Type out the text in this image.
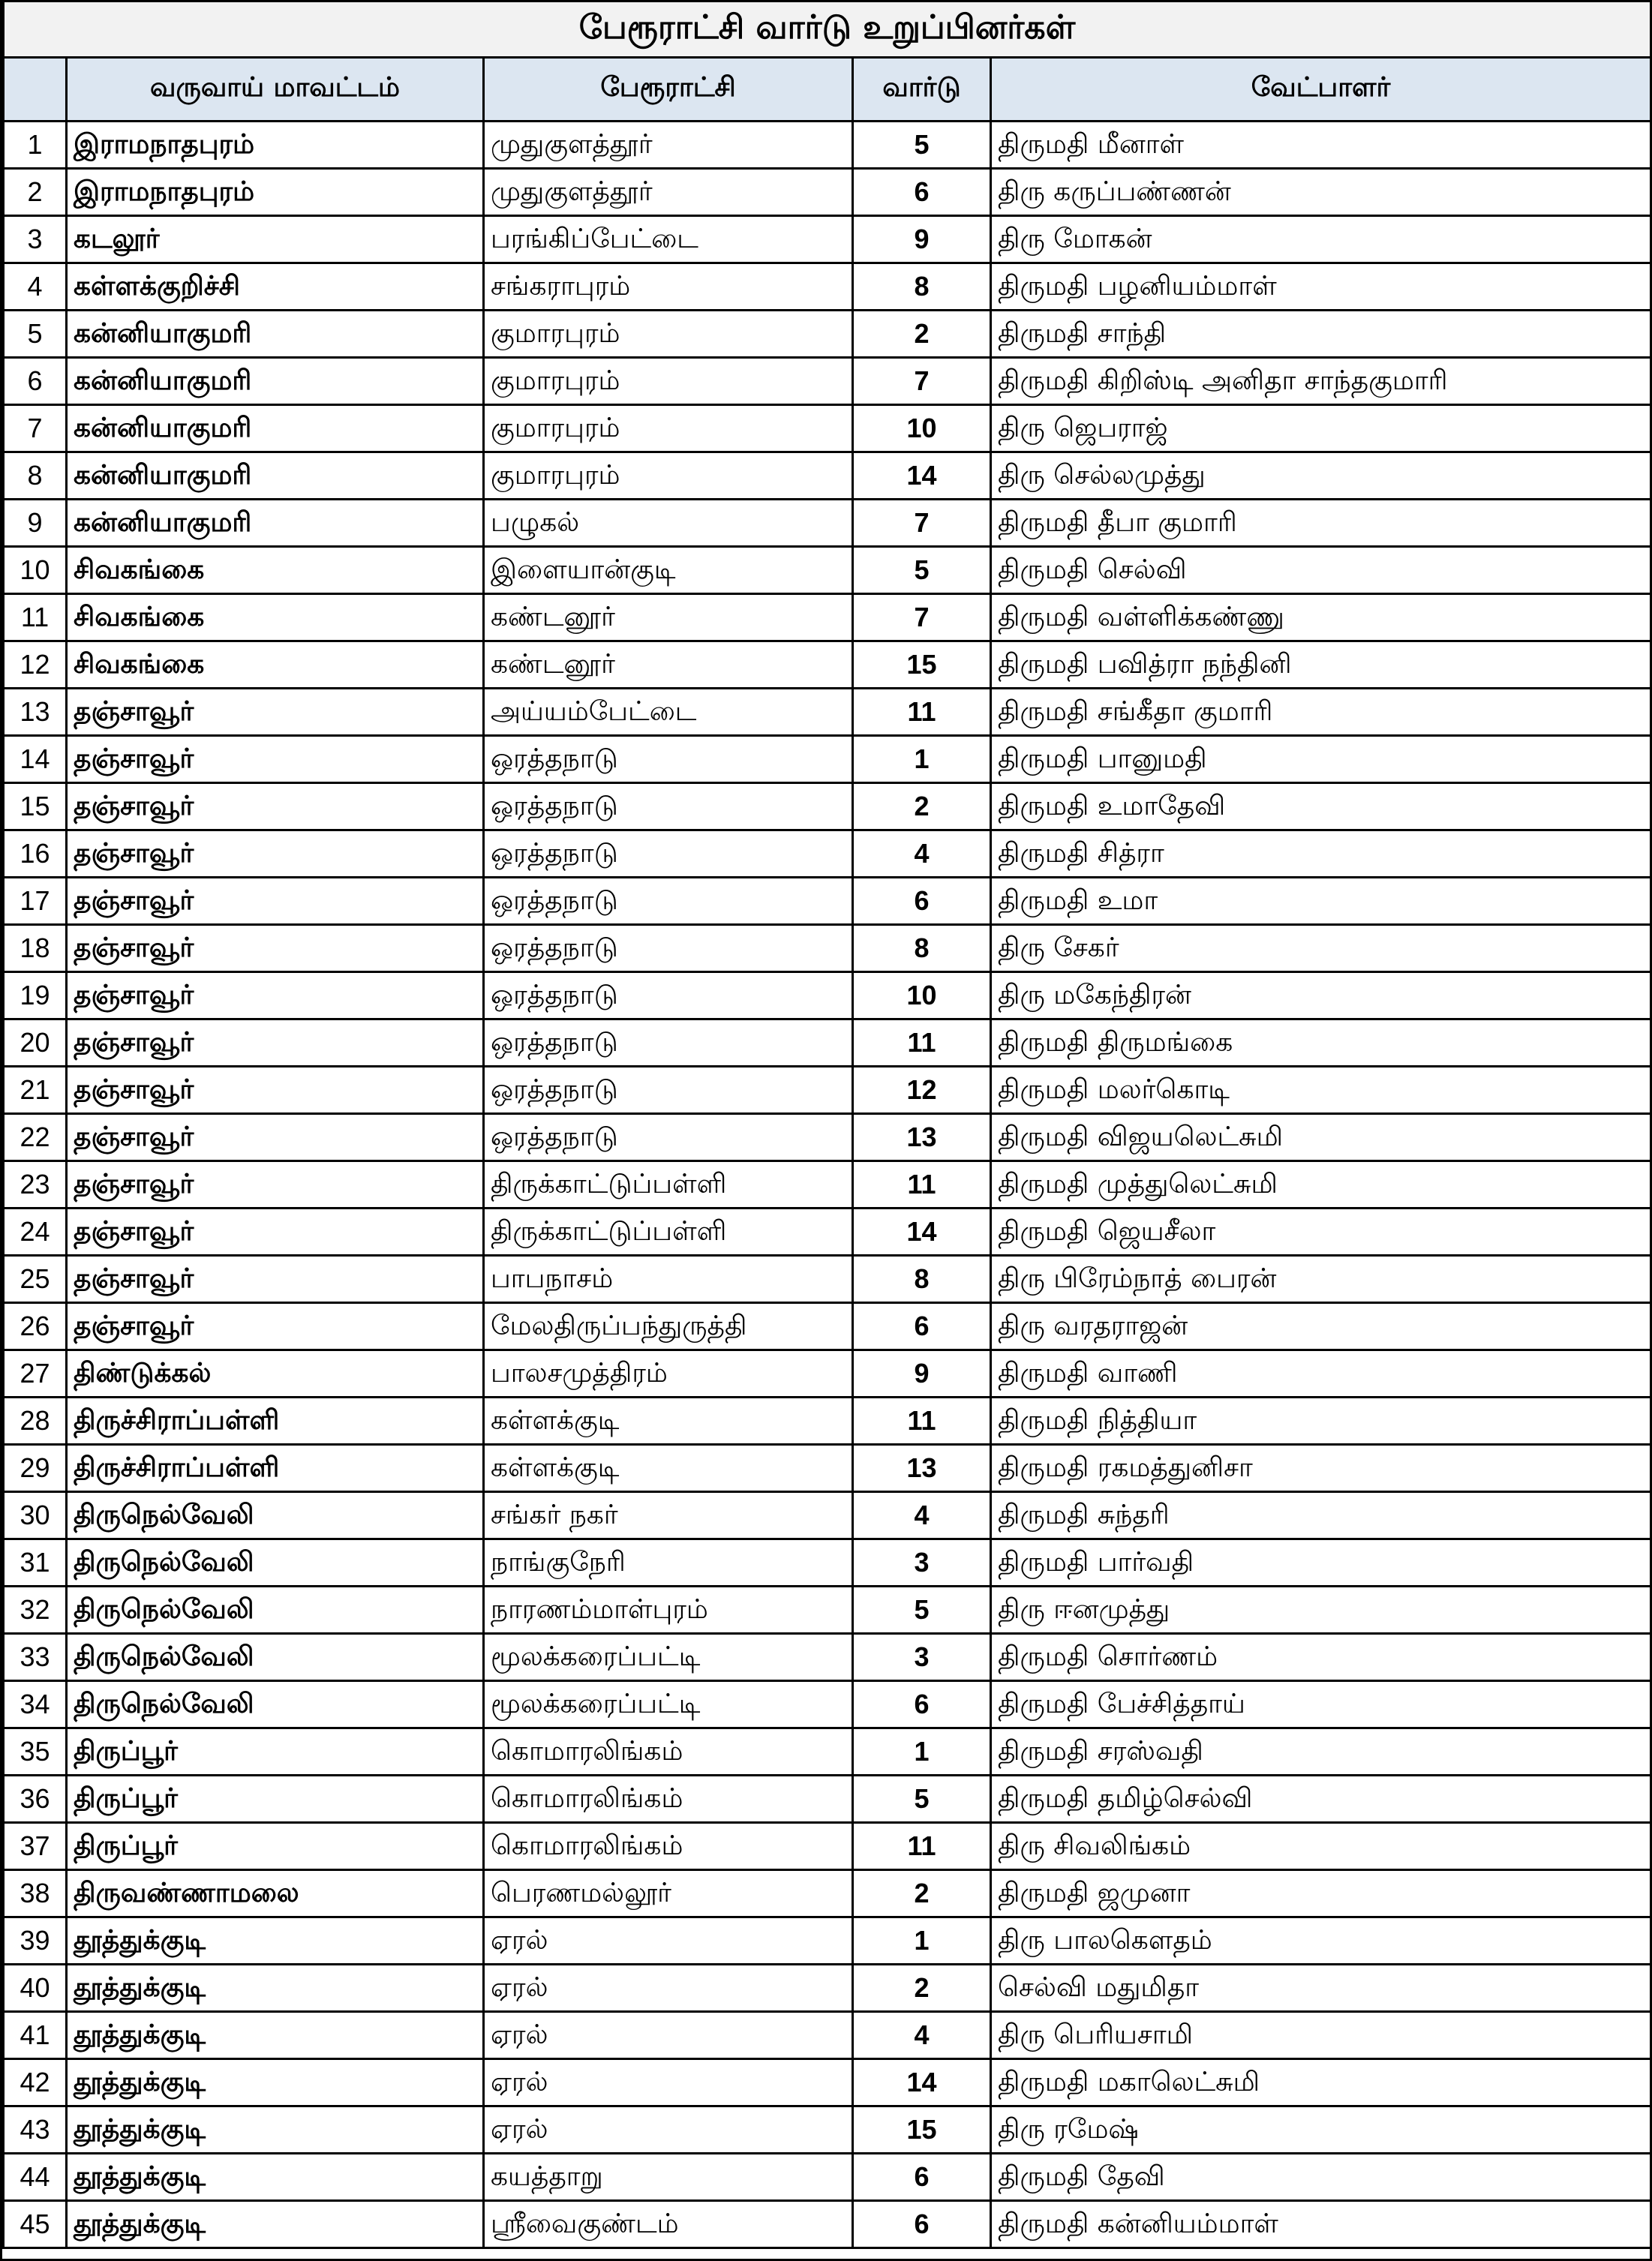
பேரூராட்சி வார்டு உறுப்பினர்கள்				
	வருவாய் மாவட்டம்	பேரூராட்சி	வார்டு	வேட்பாளர்
1	இராமநாதபுரம்	முதுகுளத்தூர்	5	திருமதி மீனாள்
2	இராமநாதபுரம்	முதுகுளத்தூர்	6	திரு கருப்பண்ணன்
3	கடலூர்	பரங்கிப்பேட்டை	9	திரு மோகன்
4	கள்ளக்குறிச்சி	சங்கராபுரம்	8	திருமதி பழனியம்மாள்
5	கன்னியாகுமரி	குமாரபுரம்	2	திருமதி சாந்தி
6	கன்னியாகுமரி	குமாரபுரம்	7	திருமதி கிறிஸ்டி அனிதா சாந்தகுமாரி
7	கன்னியாகுமரி	குமாரபுரம்	10	திரு ஜெபராஜ்
8	கன்னியாகுமரி	குமாரபுரம்	14	திரு செல்லமுத்து
9	கன்னியாகுமரி	பழுகல்	7	திருமதி தீபா குமாரி
10	சிவகங்கை	இளையான்குடி	5	திருமதி செல்வி
11	சிவகங்கை	கண்டனூர்	7	திருமதி வள்ளிக்கண்ணு
12	சிவகங்கை	கண்டனூர்	15	திருமதி பவித்ரா நந்தினி
13	தஞ்சாவூர்	அய்யம்பேட்டை	11	திருமதி சங்கீதா குமாரி
14	தஞ்சாவூர்	ஒரத்தநாடு	1	திருமதி பானுமதி
15	தஞ்சாவூர்	ஒரத்தநாடு	2	திருமதி உமாதேவி
16	தஞ்சாவூர்	ஒரத்தநாடு	4	திருமதி சித்ரா
17	தஞ்சாவூர்	ஒரத்தநாடு	6	திருமதி உமா
18	தஞ்சாவூர்	ஒரத்தநாடு	8	திரு சேகர்
19	தஞ்சாவூர்	ஒரத்தநாடு	10	திரு மகேந்திரன்
20	தஞ்சாவூர்	ஒரத்தநாடு	11	திருமதி திருமங்கை
21	தஞ்சாவூர்	ஒரத்தநாடு	12	திருமதி மலர்கொடி
22	தஞ்சாவூர்	ஒரத்தநாடு	13	திருமதி விஜயலெட்சுமி
23	தஞ்சாவூர்	திருக்காட்டுப்பள்ளி	11	திருமதி முத்துலெட்சுமி
24	தஞ்சாவூர்	திருக்காட்டுப்பள்ளி	14	திருமதி ஜெயசீலா
25	தஞ்சாவூர்	பாபநாசம்	8	திரு பிரேம்நாத் பைரன்
26	தஞ்சாவூர்	மேலதிருப்பந்துருத்தி	6	திரு வரதராஜன்
27	திண்டுக்கல்	பாலசமுத்திரம்	9	திருமதி வாணி
28	திருச்சிராப்பள்ளி	கள்ளக்குடி	11	திருமதி நித்தியா
29	திருச்சிராப்பள்ளி	கள்ளக்குடி	13	திருமதி ரகமத்துனிசா
30	திருநெல்வேலி	சங்கர் நகர்	4	திருமதி சுந்தரி
31	திருநெல்வேலி	நாங்குநேரி	3	திருமதி பார்வதி
32	திருநெல்வேலி	நாரணம்மாள்புரம்	5	திரு ஈனமுத்து
33	திருநெல்வேலி	மூலக்கரைப்பட்டி	3	திருமதி சொர்ணம்
34	திருநெல்வேலி	மூலக்கரைப்பட்டி	6	திருமதி பேச்சித்தாய்
35	திருப்பூர்	கொமாரலிங்கம்	1	திருமதி சரஸ்வதி
36	திருப்பூர்	கொமாரலிங்கம்	5	திருமதி தமிழ்செல்வி
37	திருப்பூர்	கொமாரலிங்கம்	11	திரு சிவலிங்கம்
38	திருவண்ணாமலை	பெரணமல்லூர்	2	திருமதி ஜமுனா
39	தூத்துக்குடி	ஏரல்	1	திரு பாலகௌதம்
40	தூத்துக்குடி	ஏரல்	2	செல்வி மதுமிதா
41	தூத்துக்குடி	ஏரல்	4	திரு பெரியசாமி
42	தூத்துக்குடி	ஏரல்	14	திருமதி மகாலெட்சுமி
43	தூத்துக்குடி	ஏரல்	15	திரு ரமேஷ்
44	தூத்துக்குடி	கயத்தாறு	6	திருமதி தேவி
45	தூத்துக்குடி	ஸ்ரீவைகுண்டம்	6	திருமதி கன்னியம்மாள்
